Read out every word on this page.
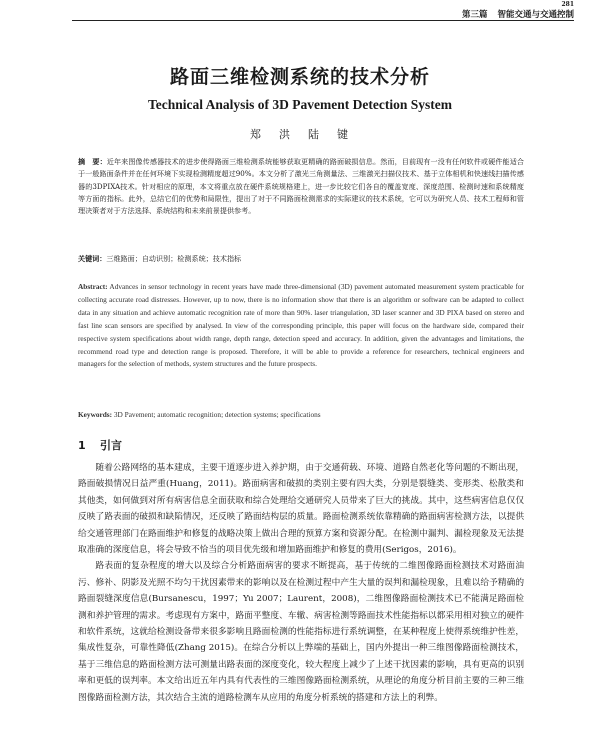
281
第三篇 智能交通与交通控制
路面三维检测系统的技术分析
Technical Analysis of 3D Pavement Detection System
郑 洪 陆 键
摘　要：近年来图像传感器技术的进步使得路面三维检测系统能够获取更精确的路面破损信息。然而，目前现有一没有任何软件或硬件能适合于一般路面条件并在任何环境下实现检测精度超过90%。本文分析了激光三角测量法、三维激光扫描仪技术、基于立体相机和快速线扫描传感器的3DPIXA技术。针对相应的原理，本文将重点放在硬件系统规格建上，进一步比较它们各自的覆盖宽度、深度范围、检测时速和系统精度等方面的指标。此外，总结它们的优势和局限性，提出了对于不同路面检测需求的实际建议的技术系统，它可以为研究人员、技术工程师和管理决策者对于方法选择、系统结构和未来前景提供参考。
关键词：三维路面；自动识别；检测系统；技术指标
Abstract: Advances in sensor technology in recent years have made three-dimensional (3D) pavement automated measurement system practicable for collecting accurate road distresses. However, up to now, there is no information show that there is an algorithm or software can be adapted to collect data in any situation and achieve automatic recognition rate of more than 90%. laser triangulation, 3D laser scanner and 3D PIXA based on stereo and fast line scan sensors are specified by analysed. In view of the corresponding principle, this paper will focus on the hardware side, compared their respective system specifications about width range, depth range, detection speed and accuracy. In addition, given the advantages and limitations, the recommend road type and detection range is proposed. Therefore, it will be able to provide a reference for researchers, technical engineers and managers for the selection of methods, system structures and the future prospects.
Keywords: 3D Pavement; automatic recognition; detection systems; specifications
1 引言

随着公路网络的基本建成，主要干道逐步进入养护期，由于交通荷载、环境、道路自然老化等问题的不断出现，路面破损情况日益严重(Huang，2011)。路面病害和破损的类别主要有四大类，分别是裂缝类、变形类、松散类和其他类，如何做到对所有病害信息全面获取和综合处理给交通研究人员带来了巨大的挑战。其中，这些病害信息仅仅反映了路表面的破损和缺陷情况，还反映了路面结构层的质量。路面检测系统依靠精确的路面病害检测方法，以提供给交通管理部门在路面维护和修复的战略决策上做出合理的预算方案和资源分配。在检测中漏判、漏检现象及无法提取准确的深度信息，将会导致不恰当的项目优先级和增加路面维护和修复的费用(Serigos，2016)。

路表面的复杂程度的增大以及综合分析路面病害的要求不断提高，基于传统的二维图像路面检测技术对路面油污、修补、阴影及光照不均匀干扰因素带来的影响以及在检测过程中产生大量的误判和漏检现象，且难以给予精确的路面裂缝深度信息(Bursanescu，1997；Yu 2007；Laurent，2008)，二维图像路面检测技术已不能满足路面检测和养护管理的需求。考虑现有方案中，路面平整度、车辙、病害检测等路面技术性能指标以都采用相对独立的硬件和软件系统，这就给检测设备带来很多影响且路面检测的性能指标进行系统调整，在某种程度上使得系统维护性差，集成性复杂，可靠性降低(Zhang 2015)。在综合分析以上弊端的基础上，国内外提出一种三维图像路面检测技术，基于三维信息的路面检测方法可测量出路表面的深度变化，较大程度上减少了上述干扰因素的影响，具有更高的识别率和更低的误判率。本文给出近五年内具有代表性的三维图像路面检测系统，从理论的角度分析目前主要的三种三维图像路面检测方法，其次结合主流的道路检测车从应用的角度分析系统的搭建和方法上的利弊。
